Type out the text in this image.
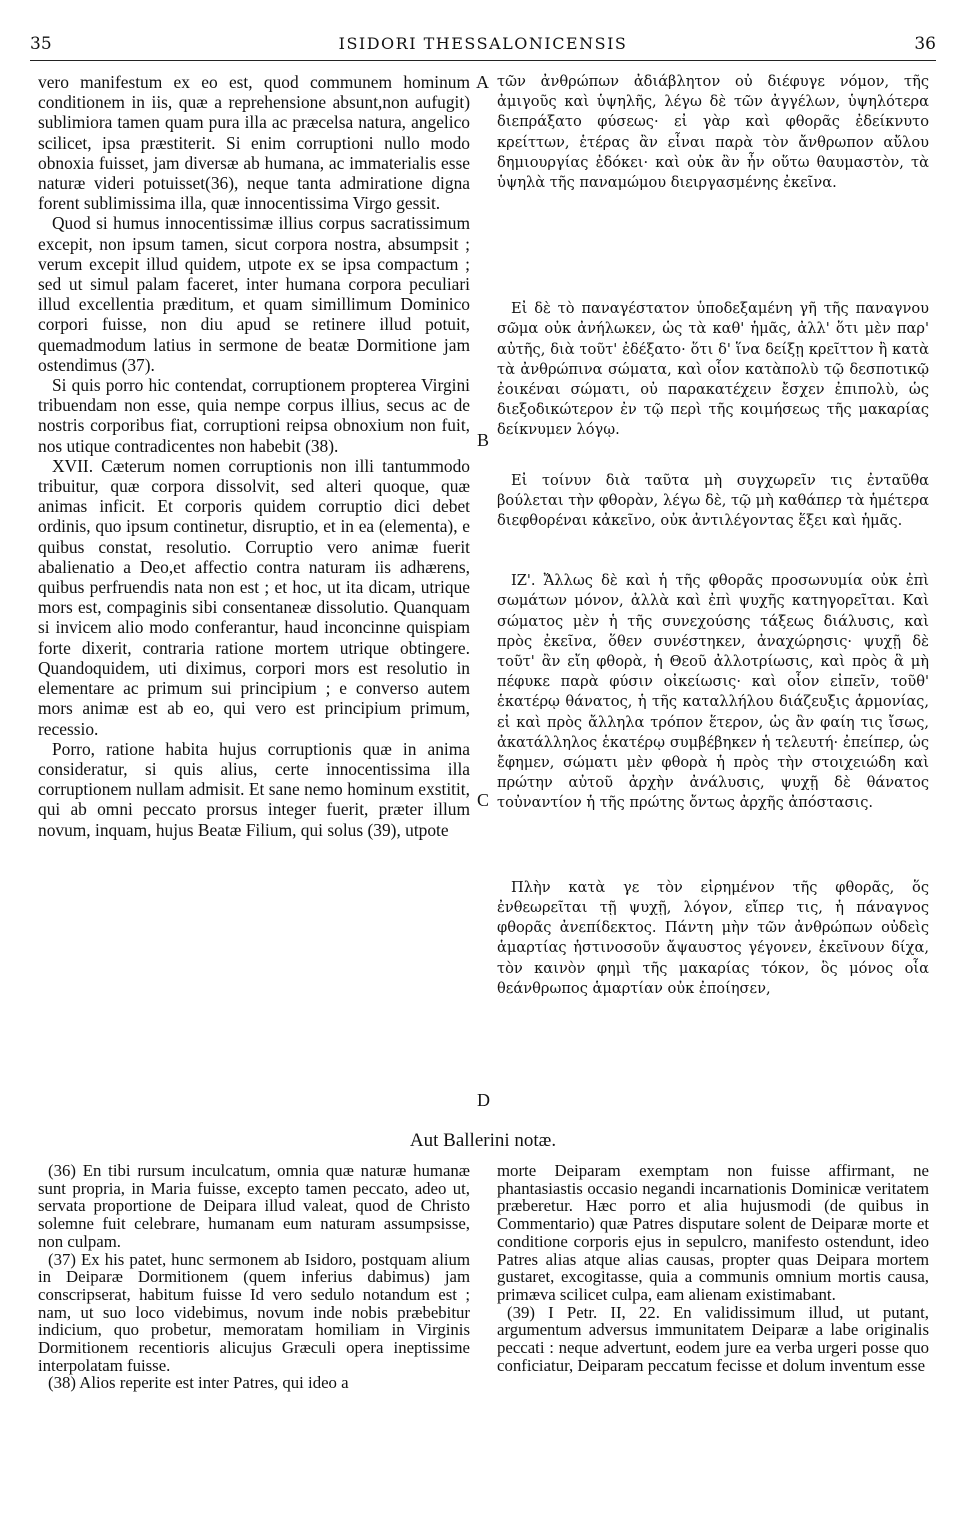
35	ISIDORI THESSALONICENSIS	36

vero manifestum ex eo est, quod communem hominum conditionem in iis, quæ a reprehensione absunt,non aufugit) sublimiora tamen quam pura illa ac præcelsa natura, angelico scilicet, ipsa præstiterit. Si enim corruptioni nullo modo obnoxia fuisset, jam diversæ ab humana, ac immaterialis esse naturæ videri potuisset(36), neque tanta admiratione digna forent sublimissima illa, quæ innocentissima Virgo gessit.

Quod si humus innocentissimæ illius corpus sacratissimum excepit, non ipsum tamen, sicut corpora nostra, absumpsit ; verum excepit illud quidem, utpote ex se ipsa compactum ; sed ut simul palam faceret, inter humana corpora peculiari illud excellentia præditum, et quam simillimum Dominico corpori fuisse, non diu apud se retinere illud potuit, quemadmodum latius in sermone de beatæ Dormitione jam ostendimus (37).

Si quis porro hic contendat, corruptionem propterea Virgini tribuendam non esse, quia nempe corpus illius, secus ac de nostris corporibus fiat, corruptioni reipsa obnoxium non fuit, nos utique contradicentes non habebit (38).

XVII. Cæterum nomen corruptionis non illi tantummodo tribuitur, quæ corpora dissolvit, sed alteri quoque, quæ animas inficit. Et corporis quidem corruptio dici debet ordinis, quo ipsum continetur, disruptio, et in ea (elementa), e quibus constat, resolutio. Corruptio vero animæ fuerit abalienatio a Deo,et affectio contra naturam iis adhærens, quibus perfruendis nata non est ; et hoc, ut ita dicam, utrique mors est, compaginis sibi consentaneæ dissolutio. Quanquam si invicem alio modo conferantur, haud inconcinne quispiam forte dixerit, contraria ratione mortem utrique obtingere. Quandoquidem, uti diximus, corpori mors est resolutio in elementare ac primum sui principium ; e converso autem mors animæ est ab eo, qui vero est principium primum, recessio.

Porro, ratione habita hujus corruptionis quæ in anima consideratur, si quis alius, certe innocentissima illa corruptionem nullam admisit. Et sane nemo hominum exstitit, qui ab omni peccato prorsus integer fuerit, præter illum novum, inquam, hujus Beatæ Filium, qui solus (39), utpote

τῶν ἀνθρώπων ἀδιάβλητον οὐ διέφυγε νόμον, τῆς ἀμιγοῦς καὶ ὑψηλῆς, λέγω δὲ τῶν ἀγγέλων, ὑψηλότερα διεπράξατο φύσεως· εἰ γὰρ καὶ φθορᾶς ἐδείκνυτο κρείττων, ἑτέρας ἂν εἶναι παρὰ τὸν ἄνθρωπον αὔλου δημιουργίας ἐδόκει· καὶ οὐκ ἂν ἦν οὕτω θαυμαστὸν, τὰ ὑψηλὰ τῆς παναμώμου διειργασμένης ἐκεῖνα.

Εἰ δὲ τὸ παναγέστατον ὑποδεξαμένη γῆ τῆς παναγνου σῶμα οὐκ ἀνήλωκεν, ὡς τὰ καθ' ἡμᾶς, ἀλλ' ὅτι μὲν παρ' αὐτῆς, διὰ τοῦτ' ἐδέξατο· ὅτι δ' ἵνα δείξῃ κρεῖττον ἢ κατὰ τὰ ἀνθρώπινα σώματα, καὶ οἷον κατὰπολὺ τῷ δεσποτικῷ ἐοικέναι σώματι, οὐ παρακατέχειν ἔσχεν ἐπιπολὺ, ὡς διεξοδικώτερον ἐν τῷ περὶ τῆς κοιμήσεως τῆς μακαρίας δείκνυμεν λόγῳ.

Εἰ τοίνυν διὰ ταῦτα μὴ συγχωρεῖν τις ἐνταῦθα βούλεται τὴν φθορὰν, λέγω δὲ, τῷ μὴ καθάπερ τὰ ἡμέτερα διεφθορέναι κἀκεῖνο, οὐκ ἀντιλέγοντας ἕξει καὶ ἡμᾶς.

ΙΖ'. Ἄλλως δὲ καὶ ἡ τῆς φθορᾶς προσωνυμία οὐκ ἐπὶ σωμάτων μόνον, ἀλλὰ καὶ ἐπὶ ψυχῆς κατηγορεῖται. Καὶ σώματος μὲν ἡ τῆς συνεχούσης τάξεως διάλυσις, καὶ πρὸς ἐκεῖνα, ὅθεν συνέστηκεν, ἀναχώρησις· ψυχῇ δὲ τοῦτ' ἂν εἴη φθορὰ, ἡ Θεοῦ ἀλλοτρίωσις, καὶ πρὸς ἃ μὴ πέφυκε παρὰ φύσιν οἰκείωσις· καὶ οἷον εἰπεῖν, τοῦθ' ἑκατέρῳ θάνατος, ἡ τῆς καταλλήλου διάζευξις ἁρμονίας, εἰ καὶ πρὸς ἄλληλα τρόπον ἕτερον, ὡς ἂν φαίη τις ἴσως, ἀκατάλληλος ἑκατέρῳ συμβέβηκεν ἡ τελευτή· ἐπείπερ, ὡς ἔφημεν, σώματι μὲν φθορὰ ἡ πρὸς τὴν στοιχειώδη καὶ πρώτην αὐτοῦ ἀρχὴν ἀνάλυσις, ψυχῇ δὲ θάνατος τοὐναντίον ἡ τῆς πρώτης ὄντως ἀρχῆς ἀπόστασις.

Πλὴν κατὰ γε τὸν εἰρημένον τῆς φθορᾶς, ὅς ἐνθεωρεῖται τῇ ψυχῇ, λόγον, εἴπερ τις, ἡ πάναγνος φθορᾶς ἀνεπίδεκτος. Πάντη μὴν τῶν ἀνθρώπων οὐδεὶς ἁμαρτίας ἡστινοσοῦν ἄψαυστος γέγονεν, ἐκεῖνουν δίχα, τὸν καινὸν φημὶ τῆς μακαρίας τόκον, ὃς μόνος οἷα θεάνθρωπος ἁμαρτίαν οὐκ ἐποίησεν,

A
B
C
D
Aut Ballerini notæ.

(36) En tibi rursum inculcatum, omnia quæ naturæ humanæ sunt propria, in Maria fuisse, excepto tamen peccato, adeo ut, servata proportione de Deipara illud valeat, quod de Christo solemne fuit celebrare, humanam eum naturam assumpsisse, non culpam.

(37) Ex his patet, hunc sermonem ab Isidoro, postquam alium in Deiparæ Dormitionem (quem inferius dabimus) jam conscripserat, habitum fuisse Id vero sedulo notandum est ; nam, ut suo loco videbimus, novum inde nobis præbebitur indicium, quo probetur, memoratam homiliam in Virginis Dormitionem recentioris alicujus Græculi opera ineptissime interpolatam fuisse.

(38) Alios reperite est inter Patres, qui ideo a

morte Deiparam exemptam non fuisse affirmant, ne phantasiastis occasio negandi incarnationis Dominicæ veritatem præberetur. Hæc porro et alia hujusmodi (de quibus in Commentario) quæ Patres disputare solent de Deiparæ morte et conditione corporis ejus in sepulcro, manifesto ostendunt, ideo Patres alias atque alias causas, propter quas Deipara mortem gustaret, excogitasse, quia a communis omnium mortis causa, primæva scilicet culpa, eam alienam existimabant.

(39) I Petr. II, 22. En validissimum illud, ut putant, argumentum adversus immunitatem Deiparæ a labe originalis peccati : neque advertunt, eodem jure ea verba urgeri posse quo conficiatur, Deiparam peccatum fecisse et dolum inventum esse
